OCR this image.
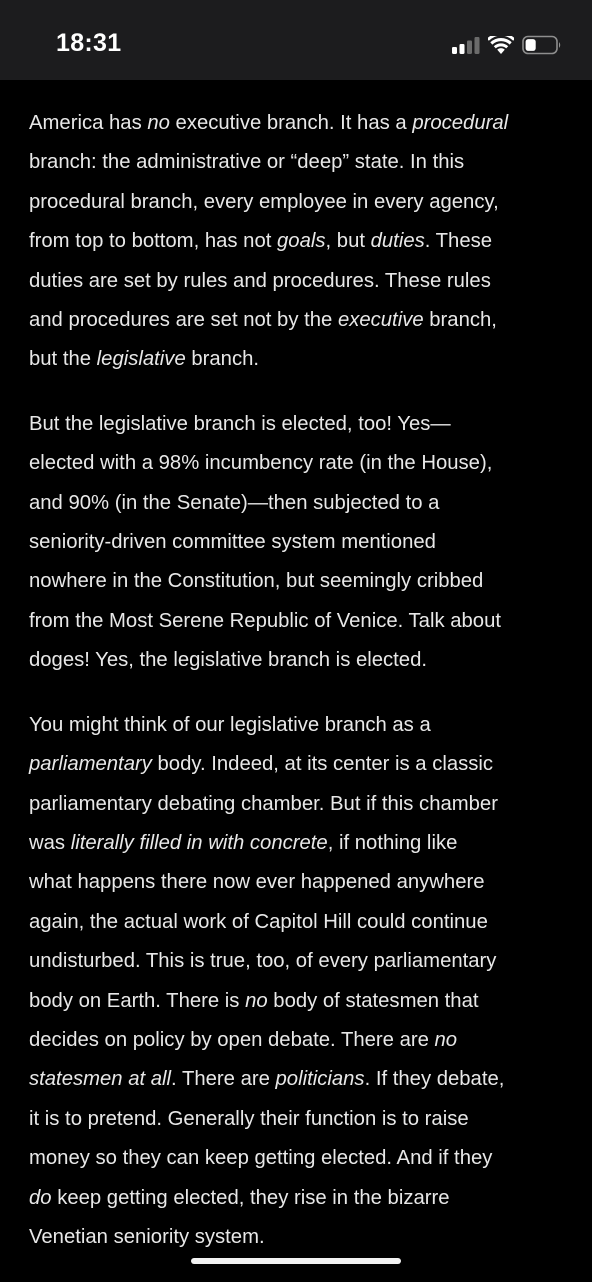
18:31

America has no executive branch. It has a procedural
branch: the administrative or “deep” state. In this
procedural branch, every employee in every agency,
from top to bottom, has not goals, but duties. These
duties are set by rules and procedures. These rules
and procedures are set not by the executive branch,
but the legislative branch.

But the legislative branch is elected, too! Yes—
elected with a 98% incumbency rate (in the House),
and 90% (in the Senate)—then subjected to a
seniority-driven committee system mentioned
nowhere in the Constitution, but seemingly cribbed
from the Most Serene Republic of Venice. Talk about
doges! Yes, the legislative branch is elected.

You might think of our legislative branch as a
parliamentary body. Indeed, at its center is a classic
parliamentary debating chamber. But if this chamber
was literally filled in with concrete, if nothing like
what happens there now ever happened anywhere
again, the actual work of Capitol Hill could continue
undisturbed. This is true, too, of every parliamentary
body on Earth. There is no body of statesmen that
decides on policy by open debate. There are no
statesmen at all. There are politicians. If they debate,
it is to pretend. Generally their function is to raise
money so they can keep getting elected. And if they
do keep getting elected, they rise in the bizarre
Venetian seniority system.
